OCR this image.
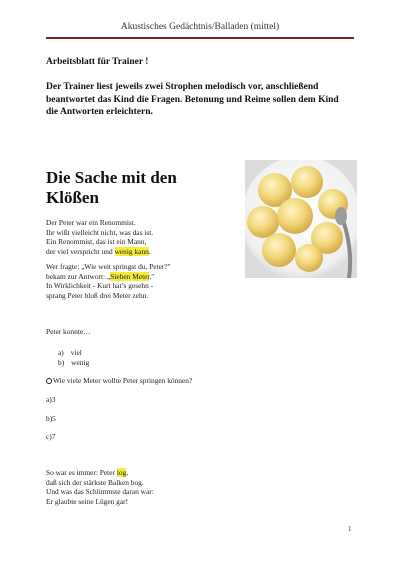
Akustisches Gedächtnis/Balladen (mittel)
Arbeitsblatt für Trainer !
Der Trainer liest jeweils zwei Strophen melodisch vor, anschließend beantwortet das Kind die Fragen. Betonung und Reime sollen dem Kind die Antworten erleichtern.
Die Sache mit den
Klößen
Der Peter war ein Renommist.
Ihr wißt vielleicht nicht, was das ist.
Ein Renommist, das ist ein Mann,
der viel verspricht und wenig kann.
Wer fragte: „Wie weit springst du, Peter?"
bekam zur Antwort: „Sieben Meter."
In Wirklichkeit - Kurt hat’s gesehn -
sprang Peter bloß drei Meter zehn.
Peter konnte…
a) viel
b) wenig
Wie viele Meter wollte Peter springen können?
a)3
b)5
c)7
So war es immer: Peter log,
daß sich der stärkste Balken bog.
Und was das Schlimmste daran war:
Er glaubte seine Lügen gar!
1
